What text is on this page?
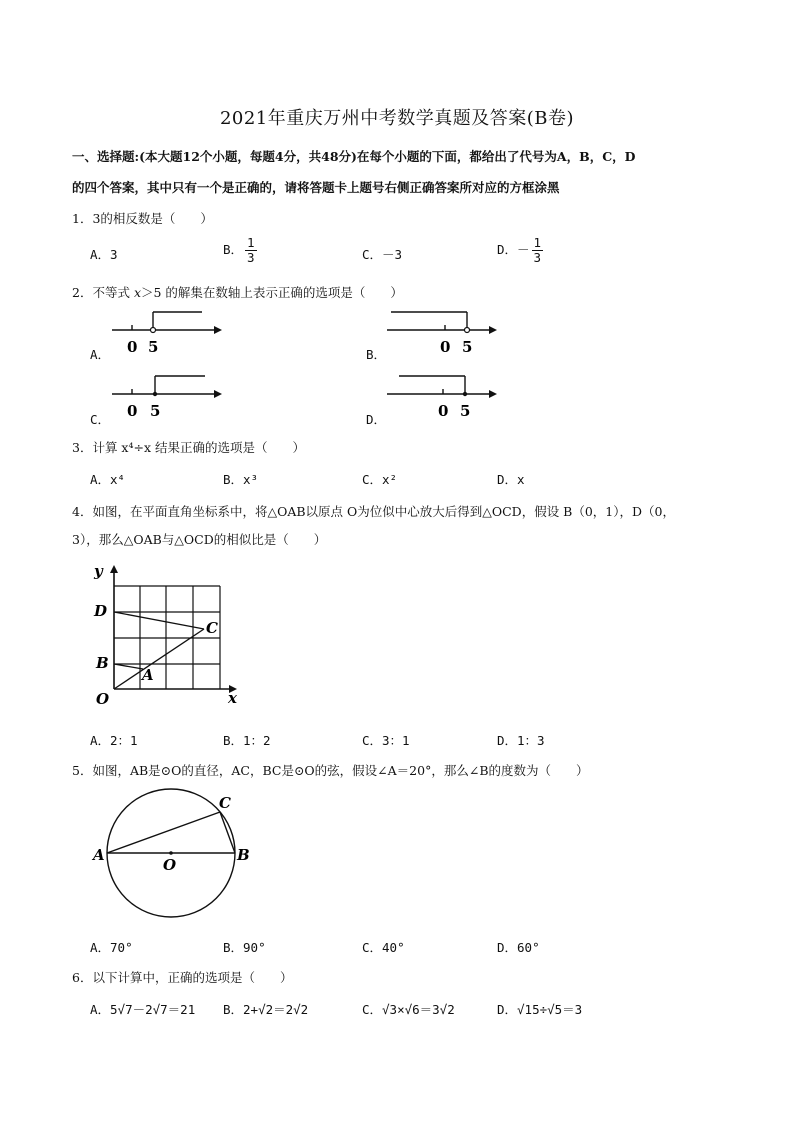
2021年重庆万州中考数学真题及答案(B卷)
一、选择题:(本大题12个小题，每题4分，共48分)在每个小题的下面，都给出了代号为A，B，C，D
的四个答案，其中只有一个是正确的，请将答题卡上题号右侧正确答案所对应的方框涂黑
1．3的相反数是（　　）
A．3	B． $\frac{1}{3}$	C．－3	D．－ $\frac{1}{3}$
2．不等式 x＞5 的解集在数轴上表示正确的选项是（　　）
A． 0 5	B．	0 5
C． 0 5	D．	0 5
3．计算 x⁴÷x 结果正确的选项是（　　）
A．x⁴	B．x³	C．x²	D．x
4．如图，在平面直角坐标系中，将△OAB以原点 O为位似中心放大后得到△OCD，假设 B（0，1），D（0，
3），那么△OAB与△OCD的相似比是（　　）
y
x
D
C
B
A
O
A．2：1	B．1：2	C．3：1	D．1：3
5．如图，AB是⊙O的直径，AC，BC是⊙O的弦，假设∠A＝20°，那么∠B的度数为（　　）
A	B
C
O
A．70°	B．90°	C．40°	D．60°
6．以下计算中，正确的选项是（　　）
A．5√7－2√7＝21 B．2+√2＝2√2	C．√3×√6＝3√2	D．√15÷√5＝3
